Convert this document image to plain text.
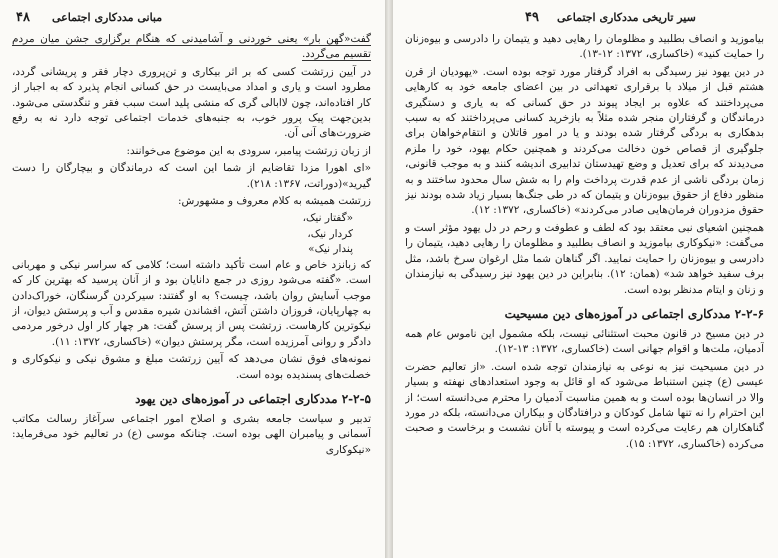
۴۸ مبانی مددکاری اجتماعی

گفت«گهن بار» یعنی خوردنی و آشامیدنی که هنگام برگزاری جشن میان مردم تقسیم می‌گردد.

در آیین زرتشت کسی که بر اثر بیکاری و تن‌پروری دچار فقر و پریشانی گردد، مطرود است و یاری و امداد می‌بایست در حق کسانی انجام پذیرد که به اجبار از کار افتاده‌اند، چون لاابالی گری که منشی پلید است سبب فقر و تنگدستی می‌شود. بدین‌جهت پیک پرور خوب، به جنبه‌های خدمات اجتماعی توجه دارد نه به رفع ضرورت‌های آنی آن.

از زبان زرتشت پیامبر، سرودی به این موضوع می‌خوانند:

«ای اهورا مزدا تقاضایم از شما این است که درماندگان و بیچارگان را دست گیرید»(دوراتت، ۱۳۶۷: ۲۱۸).

زرتشت همیشه به کلام معروف و مشهورش:

«گفتار نیک،

کردار نیک،

پندار نیک»

که زبانزد خاص و عام است تأکید داشته است؛ کلامی که سراسر نیکی و مهربانی است. «گفته می‌شود روزی در جمع دانایان بود و از آنان پرسید که بهترین کار که موجب آسایش روان باشد، چیست؟ به او گفتند: سیرکردن گرسنگان، خوراک‌دادن به چهارپایان، فروزان داشتن آتش، افشاندن شیره مقدس و آب و پرستش دیوان، از نیکوترین کارهاست. زرتشت پس از پرسش گفت: هر چهار کار اول درخور مردمی دادگر و روانی آمرزیده است، مگر پرستش دیوان» (خاکساری، ۱۳۷۲: ۱۱).

نمونه‌های فوق نشان می‌دهد که آیین زرتشت مبلغ و مشوق نیکی و نیکوکاری و خصلت‌های پسندیده بوده است.

۲-۲-۵ مددکاری اجتماعی در آموزه‌های دین یهود

تدبیر و سیاست جامعه بشری و اصلاح امور اجتماعی سرآغاز رسالت مکاتب آسمانی و پیامبران الهی بوده است. چنانکه موسی (ع) در تعالیم خود می‌فرماید: «نیکوکاری

۴۹ سیر تاریخی مددکاری اجتماعی

بیاموزید و انصاف بطلبید و مظلومان را رهایی دهید و یتیمان را دادرسی و بیوه‌زنان را حمایت کنید» (خاکساری، ۱۳۷۲: ۱۲-۱۳).

در دین یهود نیز رسیدگی به افراد گرفتار مورد توجه بوده است. «یهودیان از قرن هشتم قبل از میلاد با برقراری تعهداتی در بین اعضای جامعه خود به کارهایی می‌پرداختند که علاوه بر ایجاد پیوند در حق کسانی که به یاری و دستگیری درماندگان و گرفتاران منجر شده مثلاً به بازخرید کسانی می‌پرداختند که به سبب بدهکاری به بردگی گرفتار شده بودند و یا در امور قاتلان و انتقام‌خواهان برای جلوگیری از قصاص خون دخالت می‌کردند و همچنین حکام یهود، خود را ملزم می‌دیدند که برای تعدیل و وضع تهیدستان تدابیری اندیشه کنند و به موجب قانونی، زمان بردگی ناشی از عدم قدرت پرداخت وام را به شش سال محدود ساختند و به منظور دفاع از حقوق بیوه‌زنان و یتیمان که در طی جنگ‌ها بسیار زیاد شده بودند نیز حقوق مزدوران فرمان‌هایی صادر می‌کردند» (خاکساری، ۱۳۷۲: ۱۲).

همچنین اشعیای نبی معتقد بود که لطف و عطوفت و رحم در دل یهود مؤثر است و می‌گفت: «نیکوکاری بیاموزید و انصاف بطلبید و مظلومان را رهایی دهید، یتیمان را دادرسی و بیوه‌زنان را حمایت نمایید. اگر گناهان شما مثل ارغوان سرخ باشد، مثل برف سفید خواهد شد» (همان: ۱۲). بنابراین در دین یهود نیز رسیدگی به نیازمندان و زنان و ایتام مدنظر بوده است.

۲-۲-۶ مددکاری اجتماعی در آموزه‌های دین مسیحیت

در دین مسیح در قانون محبت استثنائی نیست، بلکه مشمول این ناموس عام همه آدمیان، ملت‌ها و اقوام جهانی است (خاکساری، ۱۳۷۲: ۱۳-۱۲).

در دین مسیحیت نیز به نوعی به نیازمندان توجه شده است. «از تعالیم حضرت عیسی (ع) چنین استنباط می‌شود که او قائل به وجود استعدادهای نهفته و بسیار والا در انسان‌ها بوده است و به همین مناسبت آدمیان را محترم می‌دانسته است؛ از این احترام را نه تنها شامل کودکان و درافتادگان و بیکاران می‌دانسته، بلکه در مورد گناهکاران هم رعایت می‌کرده است و پیوسته با آنان نشست و برخاست و صحبت می‌کرده (خاکساری، ۱۳۷۲: ۱۵).
